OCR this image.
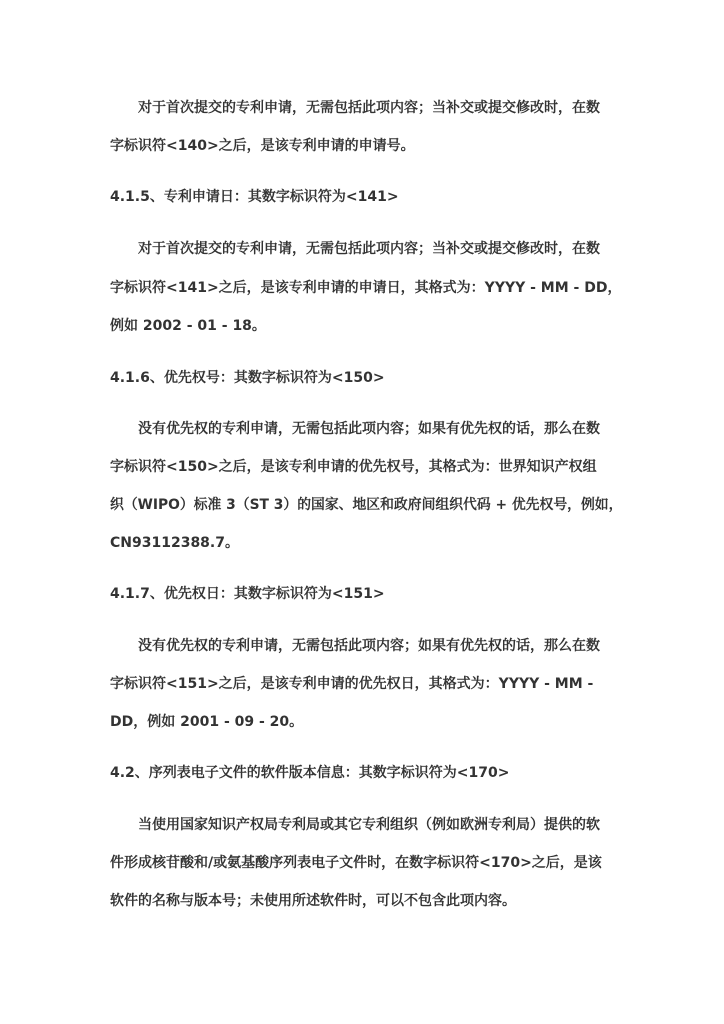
对于首次提交的专利申请，无需包括此项内容；当补交或提交修改时，在数
字标识符<140>之后，是该专利申请的申请号。
4.1.5、专利申请日：其数字标识符为<141>
对于首次提交的专利申请，无需包括此项内容；当补交或提交修改时，在数
字标识符<141>之后，是该专利申请的申请日，其格式为：YYYY - MM - DD，
例如 2002 - 01 - 18。
4.1.6、优先权号：其数字标识符为<150>
没有优先权的专利申请，无需包括此项内容；如果有优先权的话，那么在数
字标识符<150>之后，是该专利申请的优先权号，其格式为：世界知识产权组
织（WIPO）标准 3（ST 3）的国家、地区和政府间组织代码 + 优先权号，例如，
CN93112388.7。
4.1.7、优先权日：其数字标识符为<151>
没有优先权的专利申请，无需包括此项内容；如果有优先权的话，那么在数
字标识符<151>之后，是该专利申请的优先权日，其格式为：YYYY - MM -
DD，例如 2001 - 09 - 20。
4.2、序列表电子文件的软件版本信息：其数字标识符为<170>
当使用国家知识产权局专利局或其它专利组织（例如欧洲专利局）提供的软
件形成核苷酸和/或氨基酸序列表电子文件时，在数字标识符<170>之后，是该
软件的名称与版本号；未使用所述软件时，可以不包含此项内容。
